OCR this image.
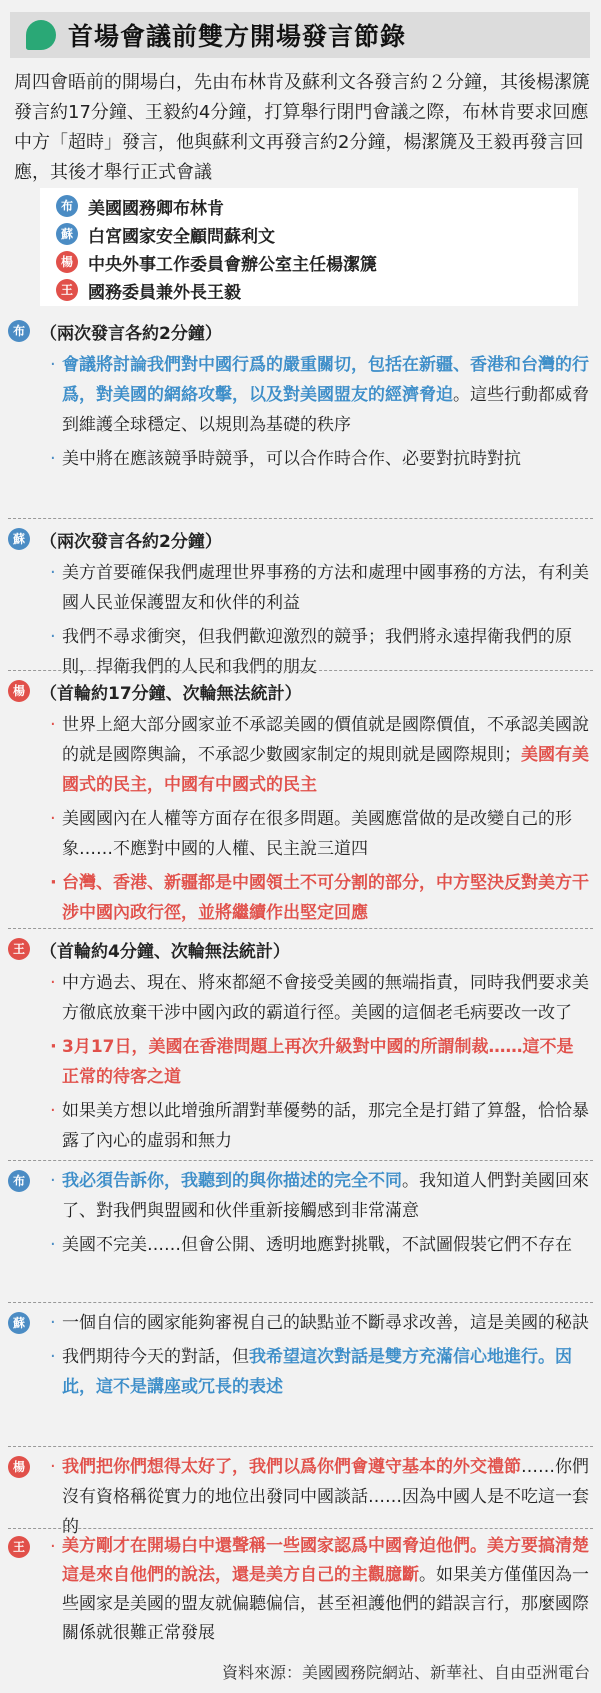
首場會議前雙方開場發言節錄
周四會晤前的開場白，先由布林肯及蘇利文各發言約２分鐘，其後楊潔篪發言約17分鐘、王毅約4分鐘，打算舉行閉門會議之際，布林肯要求回應中方「超時」發言，他與蘇利文再發言約2分鐘，楊潔篪及王毅再發言回應，其後才舉行正式會議
布 美國國務卿布林肯
蘇 白宮國家安全顧問蘇利文
楊 中央外事工作委員會辦公室主任楊潔篪
王 國務委員兼外長王毅
布 （兩次發言各約2分鐘）
· 會議將討論我們對中國行爲的嚴重關切，包括在新疆、香港和台灣的行爲，對美國的網絡攻擊，以及對美國盟友的經濟脅迫。這些行動都威脅到維護全球穩定、以規則為基礎的秩序
· 美中將在應該競爭時競爭，可以合作時合作、必要對抗時對抗
蘇 （兩次發言各約2分鐘）
· 美方首要確保我們處理世界事務的方法和處理中國事務的方法，有利美國人民並保護盟友和伙伴的利益
· 我們不尋求衝突，但我們歡迎激烈的競爭；我們將永遠捍衛我們的原則，捍衛我們的人民和我們的朋友
楊 （首輪約17分鐘、次輪無法統計）
· 世界上絕大部分國家並不承認美國的價值就是國際價值，不承認美國說的就是國際輿論，不承認少數國家制定的規則就是國際規則；美國有美國式的民主，中國有中國式的民主
· 美國國內在人權等方面存在很多問題。美國應當做的是改變自己的形象……不應對中國的人權、民主說三道四
· 台灣、香港、新疆都是中國領土不可分割的部分，中方堅決反對美方干涉中國內政行徑，並將繼續作出堅定回應
王 （首輪約4分鐘、次輪無法統計）
· 中方過去、現在、將來都絕不會接受美國的無端指責，同時我們要求美方徹底放棄干涉中國內政的霸道行徑。美國的這個老毛病要改一改了
· 3月17日，美國在香港問題上再次升級對中國的所謂制裁……這不是正常的待客之道
· 如果美方想以此增強所謂對華優勢的話，那完全是打錯了算盤，恰恰暴露了內心的虛弱和無力
布	· 我必須告訴你，我聽到的與你描述的完全不同。我知道人們對美國回來了、對我們與盟國和伙伴重新接觸感到非常滿意
· 美國不完美……但會公開、透明地應對挑戰，不試圖假裝它們不存在
蘇	· 一個自信的國家能夠審視自己的缺點並不斷尋求改善，這是美國的秘訣
· 我們期待今天的對話，但我希望這次對話是雙方充滿信心地進行。因此，這不是講座或冗長的表述
楊	· 我們把你們想得太好了，我們以爲你們會遵守基本的外交禮節……你們沒有資格稱從實力的地位出發同中國談話……因為中國人是不吃這一套的
王	· 美方剛才在開場白中還聲稱一些國家認爲中國脅迫他們。美方要搞清楚這是來自他們的說法，還是美方自己的主觀臆斷。如果美方僅僅因為一些國家是美國的盟友就偏聽偏信，甚至袒護他們的錯誤言行，那麼國際關係就很難正常發展
資料來源：美國國務院網站、新華社、自由亞洲電台
